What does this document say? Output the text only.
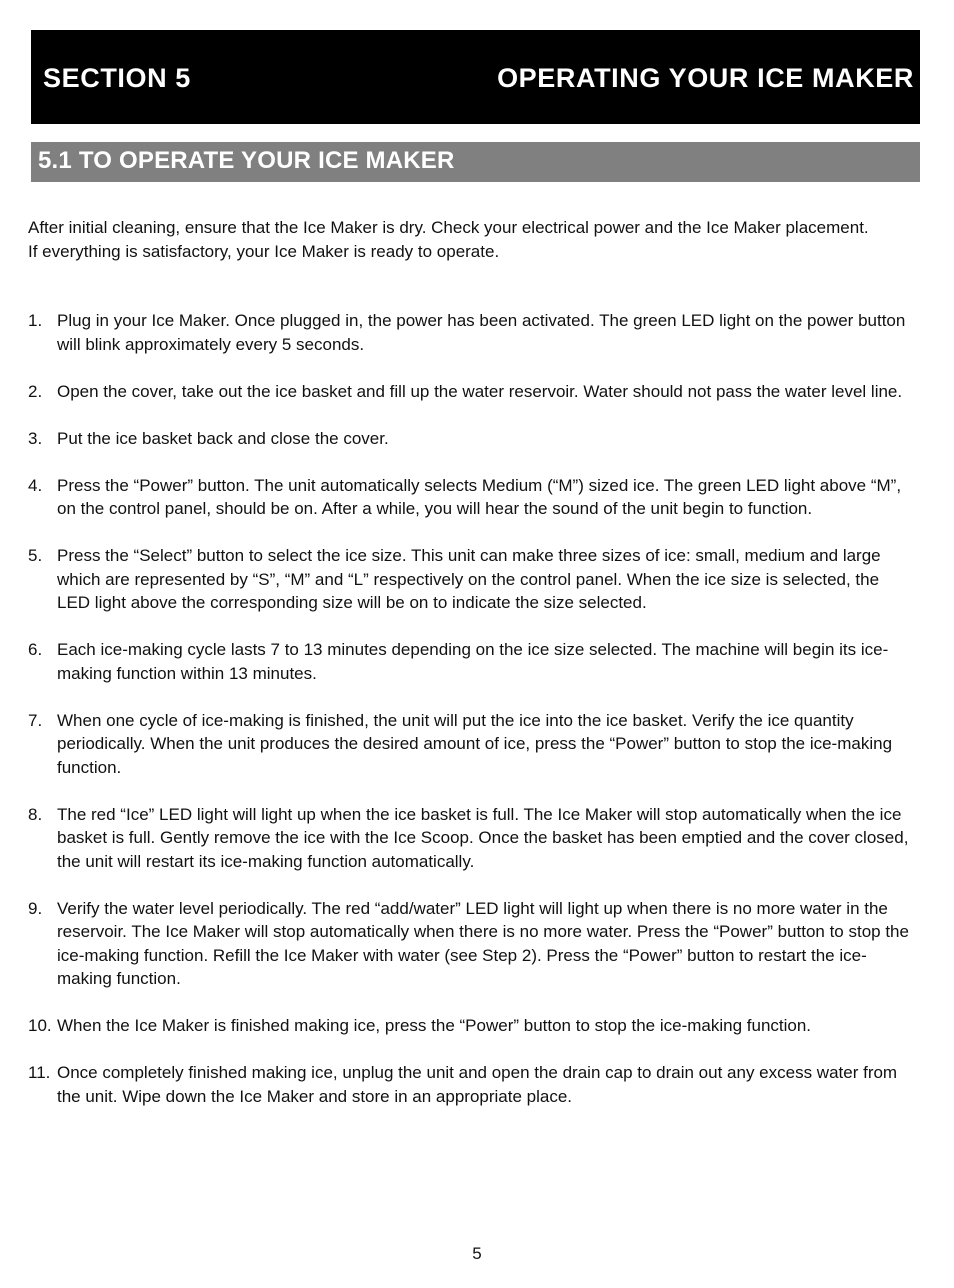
SECTION 5	OPERATING YOUR ICE MAKER
5.1 TO OPERATE YOUR ICE MAKER

After initial cleaning, ensure that the Ice Maker is dry. Check your electrical power and the Ice Maker placement.

If everything is satisfactory, your Ice Maker is ready to operate.

1. Plug in your Ice Maker. Once plugged in, the power has been activated. The green LED light on the power button will blink approximately every 5 seconds.
2. Open the cover, take out the ice basket and fill up the water reservoir. Water should not pass the water level line.
3. Put the ice basket back and close the cover.
4. Press the “Power” button. The unit automatically selects Medium (“M”) sized ice. The green LED light above “M”, on the control panel, should be on. After a while, you will hear the sound of the unit begin to function.
5. Press the “Select” button to select the ice size. This unit can make three sizes of ice: small, medium and large which are represented by “S”, “M” and “L” respectively on the control panel. When the ice size is selected, the LED light above the corresponding size will be on to indicate the size selected.
6. Each ice-making cycle lasts 7 to 13 minutes depending on the ice size selected. The machine will begin its ice-making function within 13 minutes.
7. When one cycle of ice-making is finished, the unit will put the ice into the ice basket. Verify the ice quantity periodically. When the unit produces the desired amount of ice, press the “Power” button to stop the ice-making function.
8. The red “Ice” LED light will light up when the ice basket is full. The Ice Maker will stop automatically when the ice basket is full. Gently remove the ice with the Ice Scoop. Once the basket has been emptied and the cover closed, the unit will restart its ice-making function automatically.
9. Verify the water level periodically. The red “add/water” LED light will light up when there is no more water in the reservoir. The Ice Maker will stop automatically when there is no more water. Press the “Power” button to stop the ice-making function. Refill the Ice Maker with water (see Step 2). Press the “Power” button to restart the ice-making function.
10. When the Ice Maker is finished making ice, press the “Power” button to stop the ice-making function.
11. Once completely finished making ice, unplug the unit and open the drain cap to drain out any excess water from the unit. Wipe down the Ice Maker and store in an appropriate place.
5
